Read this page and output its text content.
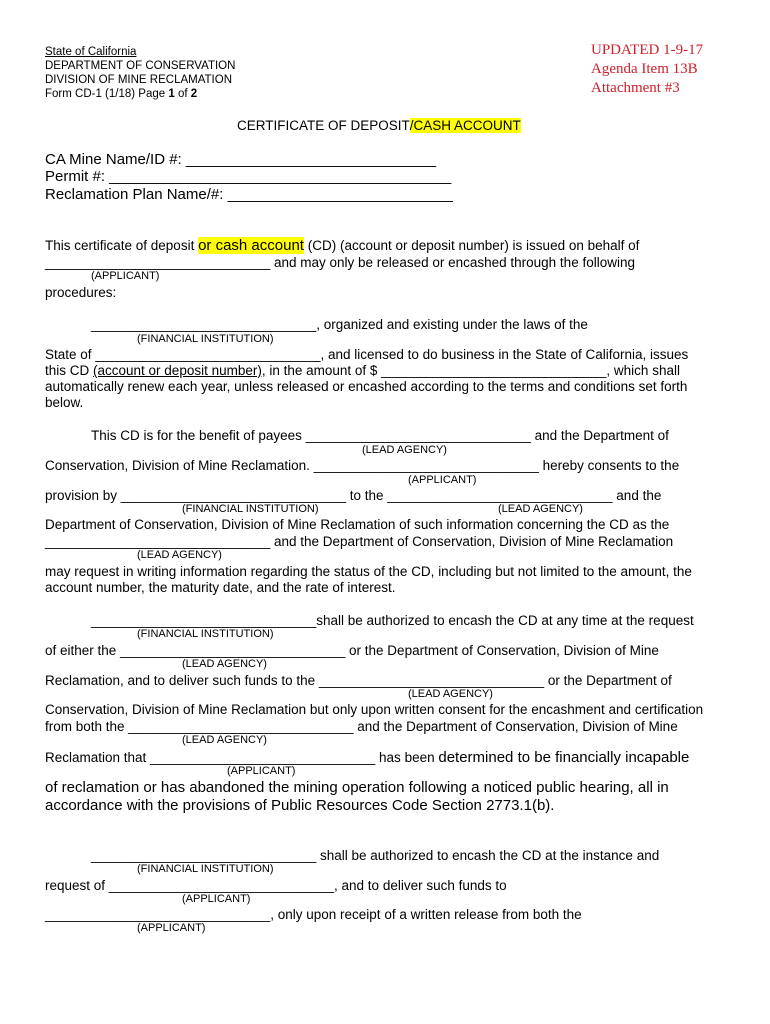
State of California
DEPARTMENT OF CONSERVATION
DIVISION OF MINE RECLAMATION
Form CD-1 (1/18) Page 1 of 2
UPDATED 1-9-17
Agenda Item 13B
Attachment #3
CERTIFICATE OF DEPOSIT/CASH ACCOUNT
CA Mine Name/ID #: ______________________________
Permit #: _________________________________________
Reclamation Plan Name/#: ___________________________
This certificate of deposit or cash account (CD) (account or deposit number) is issued on behalf of
______________________________ and may only be released or encashed through the following
(APPLICANT)
procedures:
______________________________, organized and existing under the laws of the
(FINANCIAL INSTITUTION)
State of ______________________________, and licensed to do business in the State of California, issues
this CD (account or deposit number), in the amount of $ ______________________________, which shall
automatically renew each year, unless released or encashed according to the terms and conditions set forth
below.
This CD is for the benefit of payees ______________________________ and the Department of
(LEAD AGENCY)
Conservation, Division of Mine Reclamation. ______________________________ hereby consents to the
(APPLICANT)
provision by ______________________________ to the ______________________________ and the
(FINANCIAL INSTITUTION)	(LEAD AGENCY)
Department of Conservation, Division of Mine Reclamation of such information concerning the CD as the
______________________________ and the Department of Conservation, Division of Mine Reclamation
(LEAD AGENCY)
may request in writing information regarding the status of the CD, including but not limited to the amount, the
account number, the maturity date, and the rate of interest.
______________________________shall be authorized to encash the CD at any time at the request
(FINANCIAL INSTITUTION)
of either the ______________________________ or the Department of Conservation, Division of Mine
(LEAD AGENCY)
Reclamation, and to deliver such funds to the ______________________________ or the Department of
(LEAD AGENCY)
Conservation, Division of Mine Reclamation but only upon written consent for the encashment and certification
from both the ______________________________ and the Department of Conservation, Division of Mine
(LEAD AGENCY)
Reclamation that ______________________________ has been determined to be financially incapable
(APPLICANT)
of reclamation or has abandoned the mining operation following a noticed public hearing, all in
accordance with the provisions of Public Resources Code Section 2773.1(b).
______________________________ shall be authorized to encash the CD at the instance and
(FINANCIAL INSTITUTION)
request of ______________________________, and to deliver such funds to
(APPLICANT)
______________________________, only upon receipt of a written release from both the
(APPLICANT)
